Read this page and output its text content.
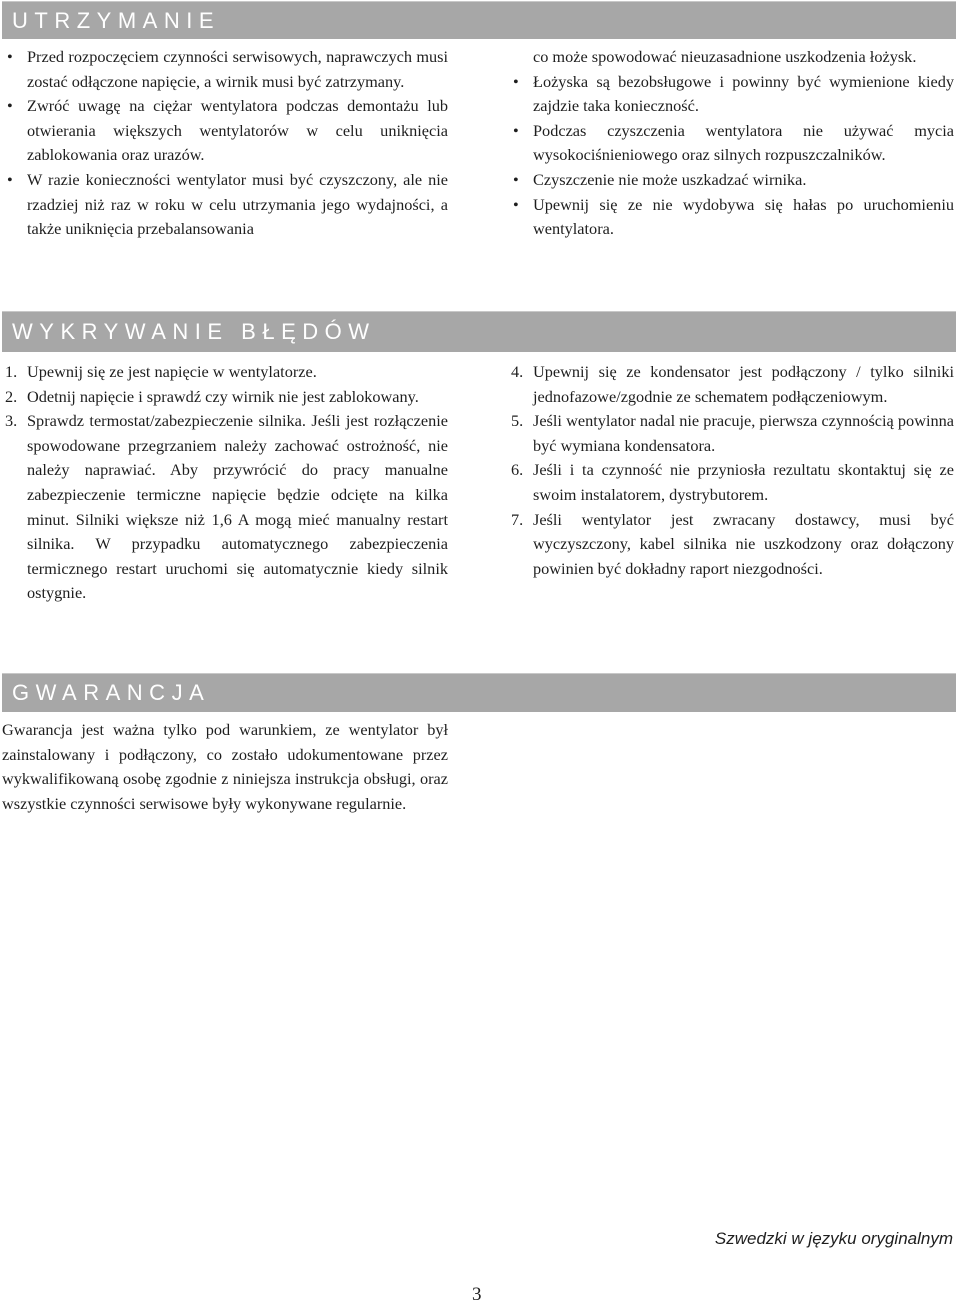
UTRZYMANIE
• Przed rozpoczęciem czynności serwisowych, naprawczych musi zostać odłączone napięcie, a wirnik musi być zatrzymany.
• Zwróć uwagę na ciężar wentylatora podczas demontażu lub otwierania większych wentylatorów w celu uniknięcia zablokowania oraz urazów.
• W razie konieczności wentylator musi być czyszczony, ale nie rzadziej niż raz w roku w celu utrzymania jego wydajności, a także uniknięcia przebalansowania
co może spowodować nieuzasadnione uszkodzenia łożysk.
• Łożyska są bezobsługowe i powinny być wymienione kiedy zajdzie taka konieczność.
• Podczas czyszczenia wentylatora nie używać mycia wysokociśnieniowego oraz silnych rozpuszczalników.
• Czyszczenie nie może uszkadzać wirnika.
• Upewnij się ze nie wydobywa się hałas po uruchomieniu wentylatora.
WYKRYWANIE BŁĘDÓW
1. Upewnij się ze jest napięcie w wentylatorze.
2. Odetnij napięcie i sprawdź czy wirnik nie jest zablokowany.
3. Sprawdz termostat/zabezpieczenie silnika. Jeśli jest rozłączenie spowodowane przegrzaniem należy zachować ostrożność, nie należy naprawiać. Aby przywrócić do pracy manualne zabezpieczenie termiczne napięcie będzie odcięte na kilka minut. Silniki większe niż 1,6 A mogą mieć manualny restart silnika. W przypadku automatycznego zabezpieczenia termicznego restart uruchomi się automatycznie kiedy silnik ostygnie.
4. Upewnij się ze kondensator jest podłączony / tylko silniki jednofazowe/zgodnie ze schematem podłączeniowym.
5. Jeśli wentylator nadal nie pracuje, pierwsza czynnością powinna być wymiana kondensatora.
6. Jeśli i ta czynność nie przyniosła rezultatu skontaktuj się ze swoim instalatorem, dystrybutorem.
7. Jeśli wentylator jest zwracany dostawcy, musi być wyczyszczony, kabel silnika nie uszkodzony oraz dołączony powinien być dokładny raport niezgodności.
GWARANCJA

Gwarancja jest ważna tylko pod warunkiem, ze wentylator był zainstalowany i podłączony, co zostało udokumentowane przez wykwalifikowaną osobę zgodnie z niniejsza instrukcja obsługi, oraz wszystkie czynności serwisowe były wykonywane regularnie.

Szwedzki w języku oryginalnym
3
